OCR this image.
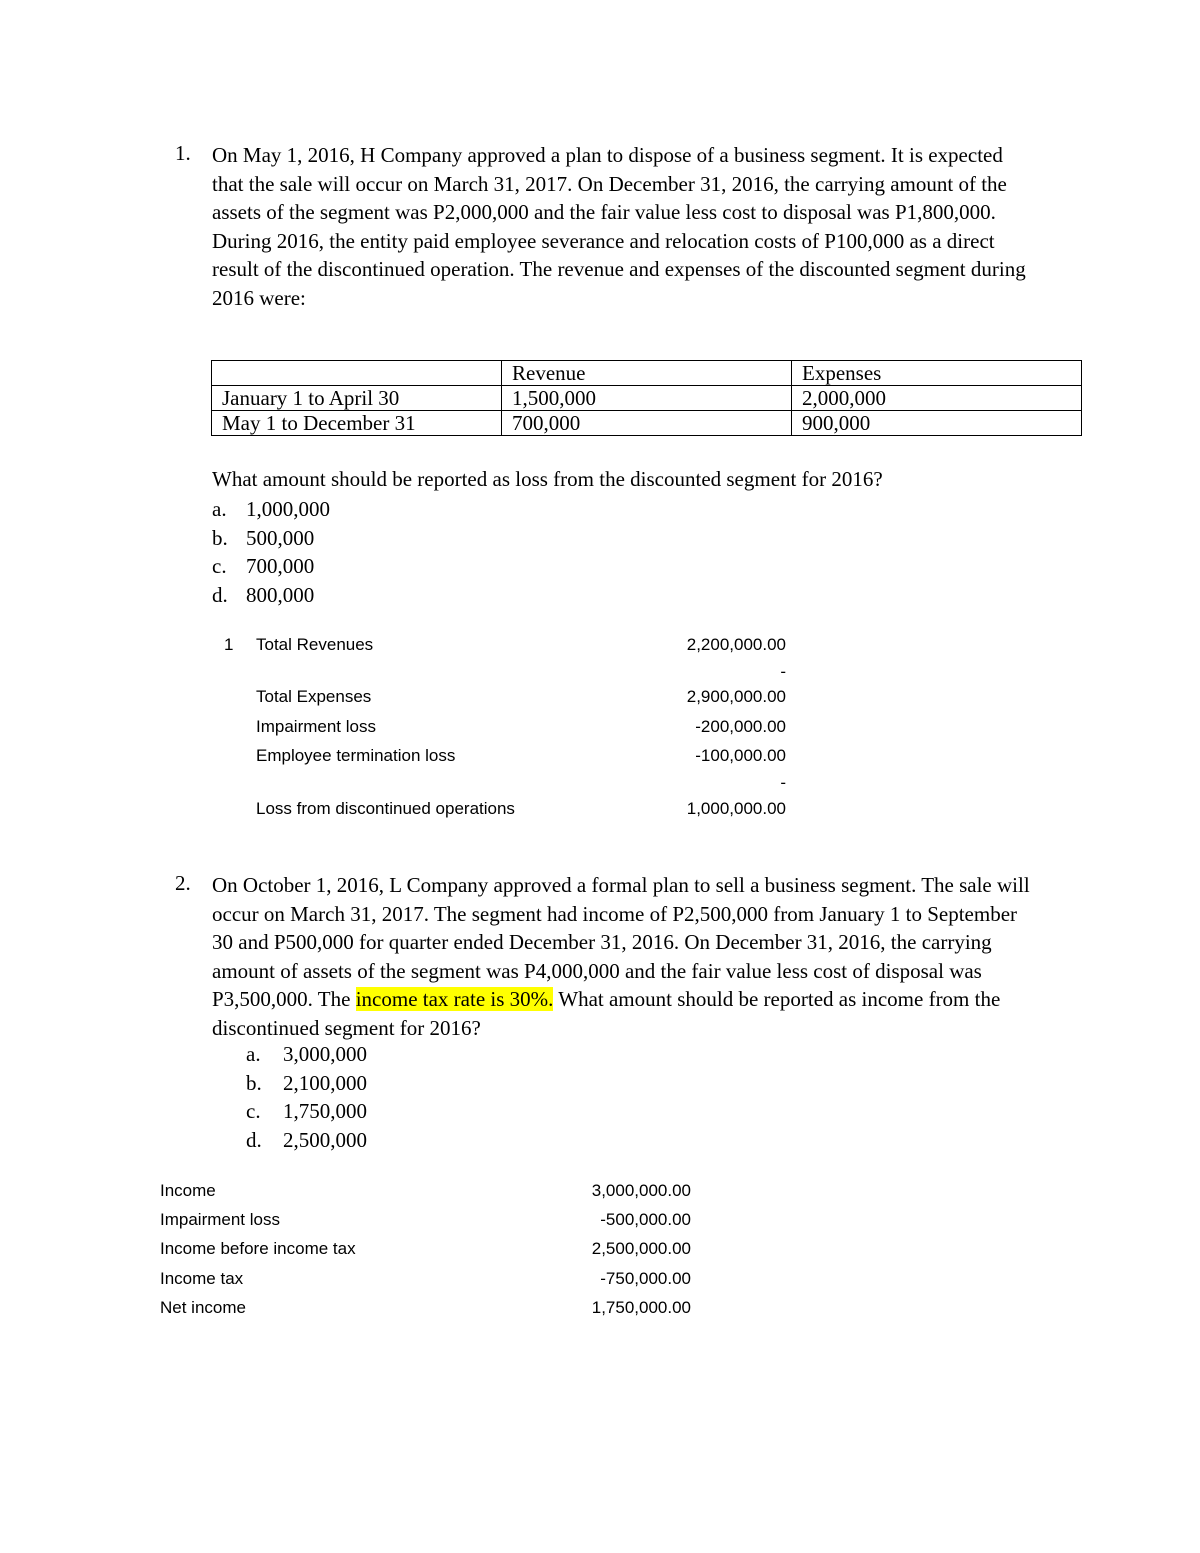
1. On May 1, 2016, H Company approved a plan to dispose of a business segment. It is expected

that the sale will occur on March 31, 2017. On December 31, 2016, the carrying amount of the

assets of the segment was P2,000,000 and the fair value less cost to disposal was P1,800,000.

During 2016, the entity paid employee severance and relocation costs of P100,000 as a direct

result of the discontinued operation. The revenue and expenses of the discounted segment during

2016 were:

	Revenue	Expenses
January 1 to April 30	1,500,000	2,000,000
May 1 to December 31	700,000	900,000
What amount should be reported as loss from the discounted segment for 2016?
a. 1,000,000
b. 500,000
c. 700,000
d. 800,000
1 Total Revenues	2,200,000.00
-
Total Expenses	2,900,000.00
Impairment loss	-200,000.00
Employee termination loss	-100,000.00
-
Loss from discontinued operations	1,000,000.00
2. On October 1, 2016, L Company approved a formal plan to sell a business segment. The sale will

occur on March 31, 2017. The segment had income of P2,500,000 from January 1 to September

30 and P500,000 for quarter ended December 31, 2016. On December 31, 2016, the carrying

amount of assets of the segment was P4,000,000 and the fair value less cost of disposal was

P3,500,000. The income tax rate is 30%. What amount should be reported as income from the

discontinued segment for 2016?

a. 3,000,000
b. 2,100,000
c. 1,750,000
d. 2,500,000
Income	3,000,000.00
Impairment loss	-500,000.00
Income before income tax	2,500,000.00
Income tax	-750,000.00
Net income	1,750,000.00
